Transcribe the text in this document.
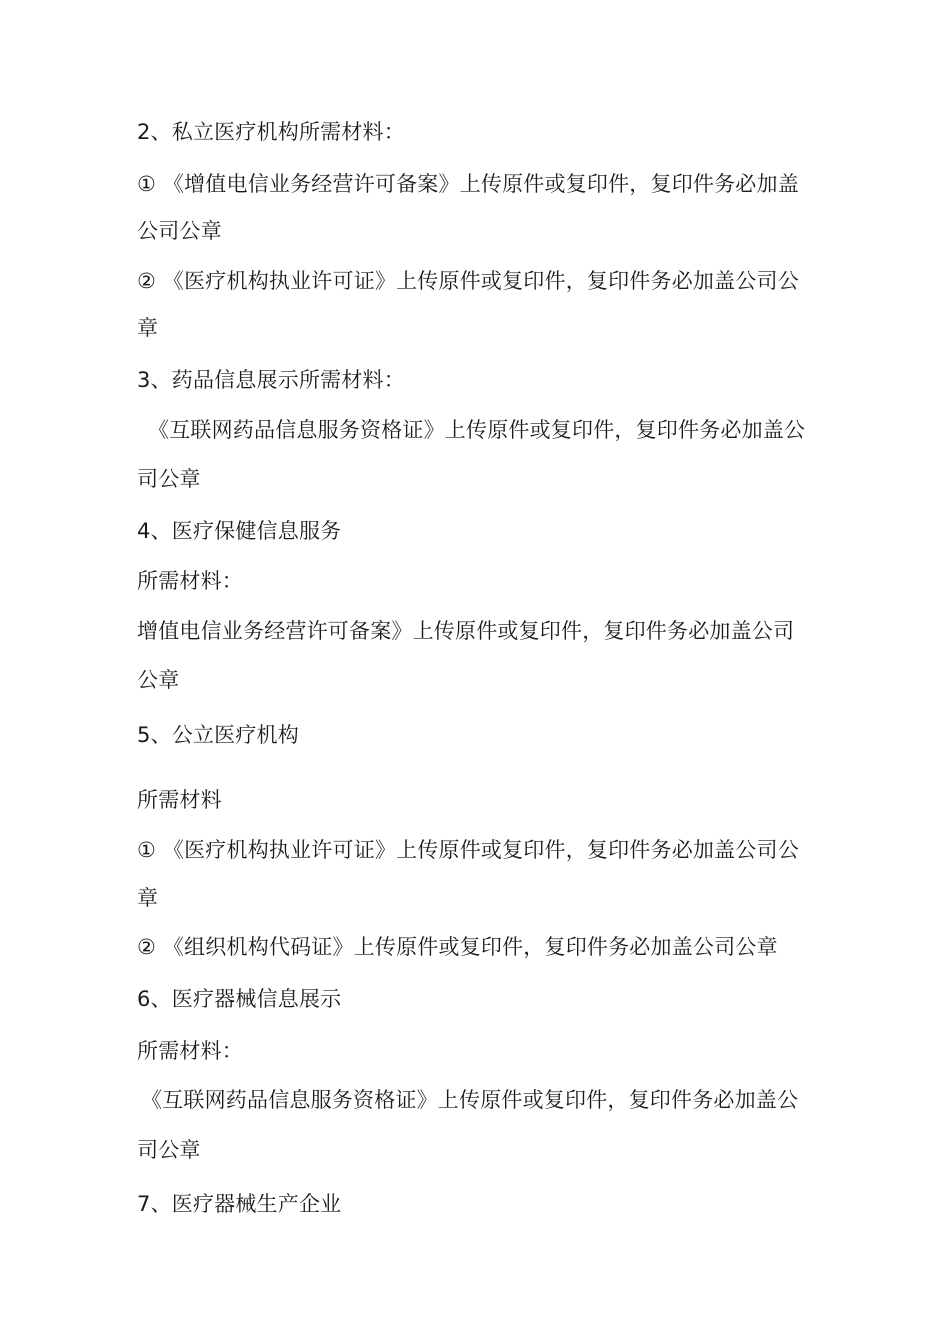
2、私立医疗机构所需材料：
① 《增值电信业务经营许可备案》上传原件或复印件，复印件务必加盖
公司公章
② 《医疗机构执业许可证》上传原件或复印件，复印件务必加盖公司公
章
3、药品信息展示所需材料：
《互联网药品信息服务资格证》上传原件或复印件，复印件务必加盖公
司公章
4、医疗保健信息服务
所需材料：
增值电信业务经营许可备案》上传原件或复印件，复印件务必加盖公司
公章
5、公立医疗机构
所需材料
① 《医疗机构执业许可证》上传原件或复印件，复印件务必加盖公司公
章
② 《组织机构代码证》上传原件或复印件，复印件务必加盖公司公章
6、医疗器械信息展示
所需材料：
《互联网药品信息服务资格证》上传原件或复印件，复印件务必加盖公
司公章
7、医疗器械生产企业
